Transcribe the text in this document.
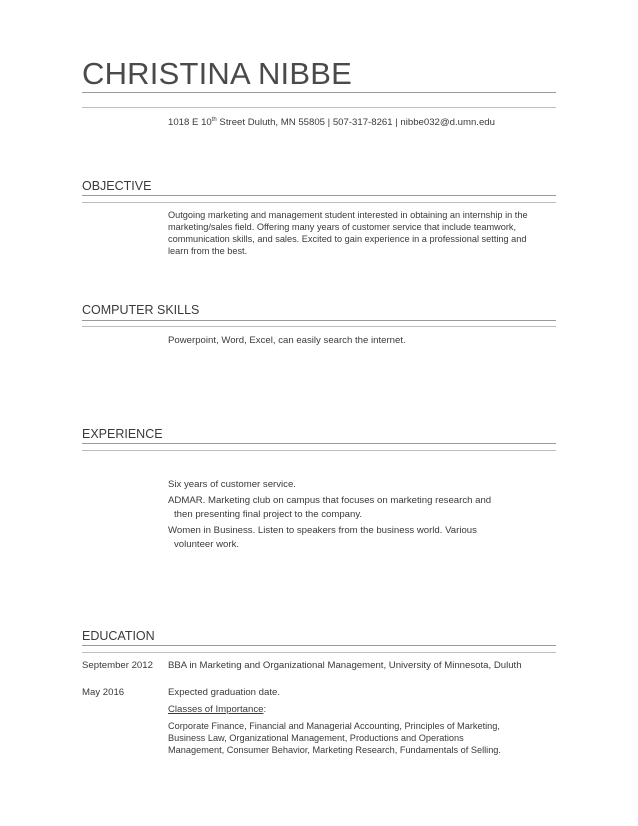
CHRISTINA NIBBE
1018 E 10th Street Duluth, MN 55805 | 507-317-8261 | nibbe032@d.umn.edu
OBJECTIVE
Outgoing marketing and management student interested in obtaining an internship in the
marketing/sales field. Offering many years of customer service that include teamwork,
communication skills, and sales. Excited to gain experience in a professional setting and
learn from the best.
COMPUTER SKILLS
Powerpoint, Word, Excel, can easily search the internet.
EXPERIENCE
Six years of customer service.
ADMAR. Marketing club on campus that focuses on marketing research and then presenting final project to the company.
Women in Business. Listen to speakers from the business world. Various volunteer work.
EDUCATION
September 2012 BBA in Marketing and Organizational Management, University of Minnesota, Duluth
May 2016	Expected graduation date.
Classes of Importance:
Corporate Finance, Financial and Managerial Accounting, Principles of Marketing,
Business Law, Organizational Management, Productions and Operations
Management, Consumer Behavior, Marketing Research, Fundamentals of Selling.
